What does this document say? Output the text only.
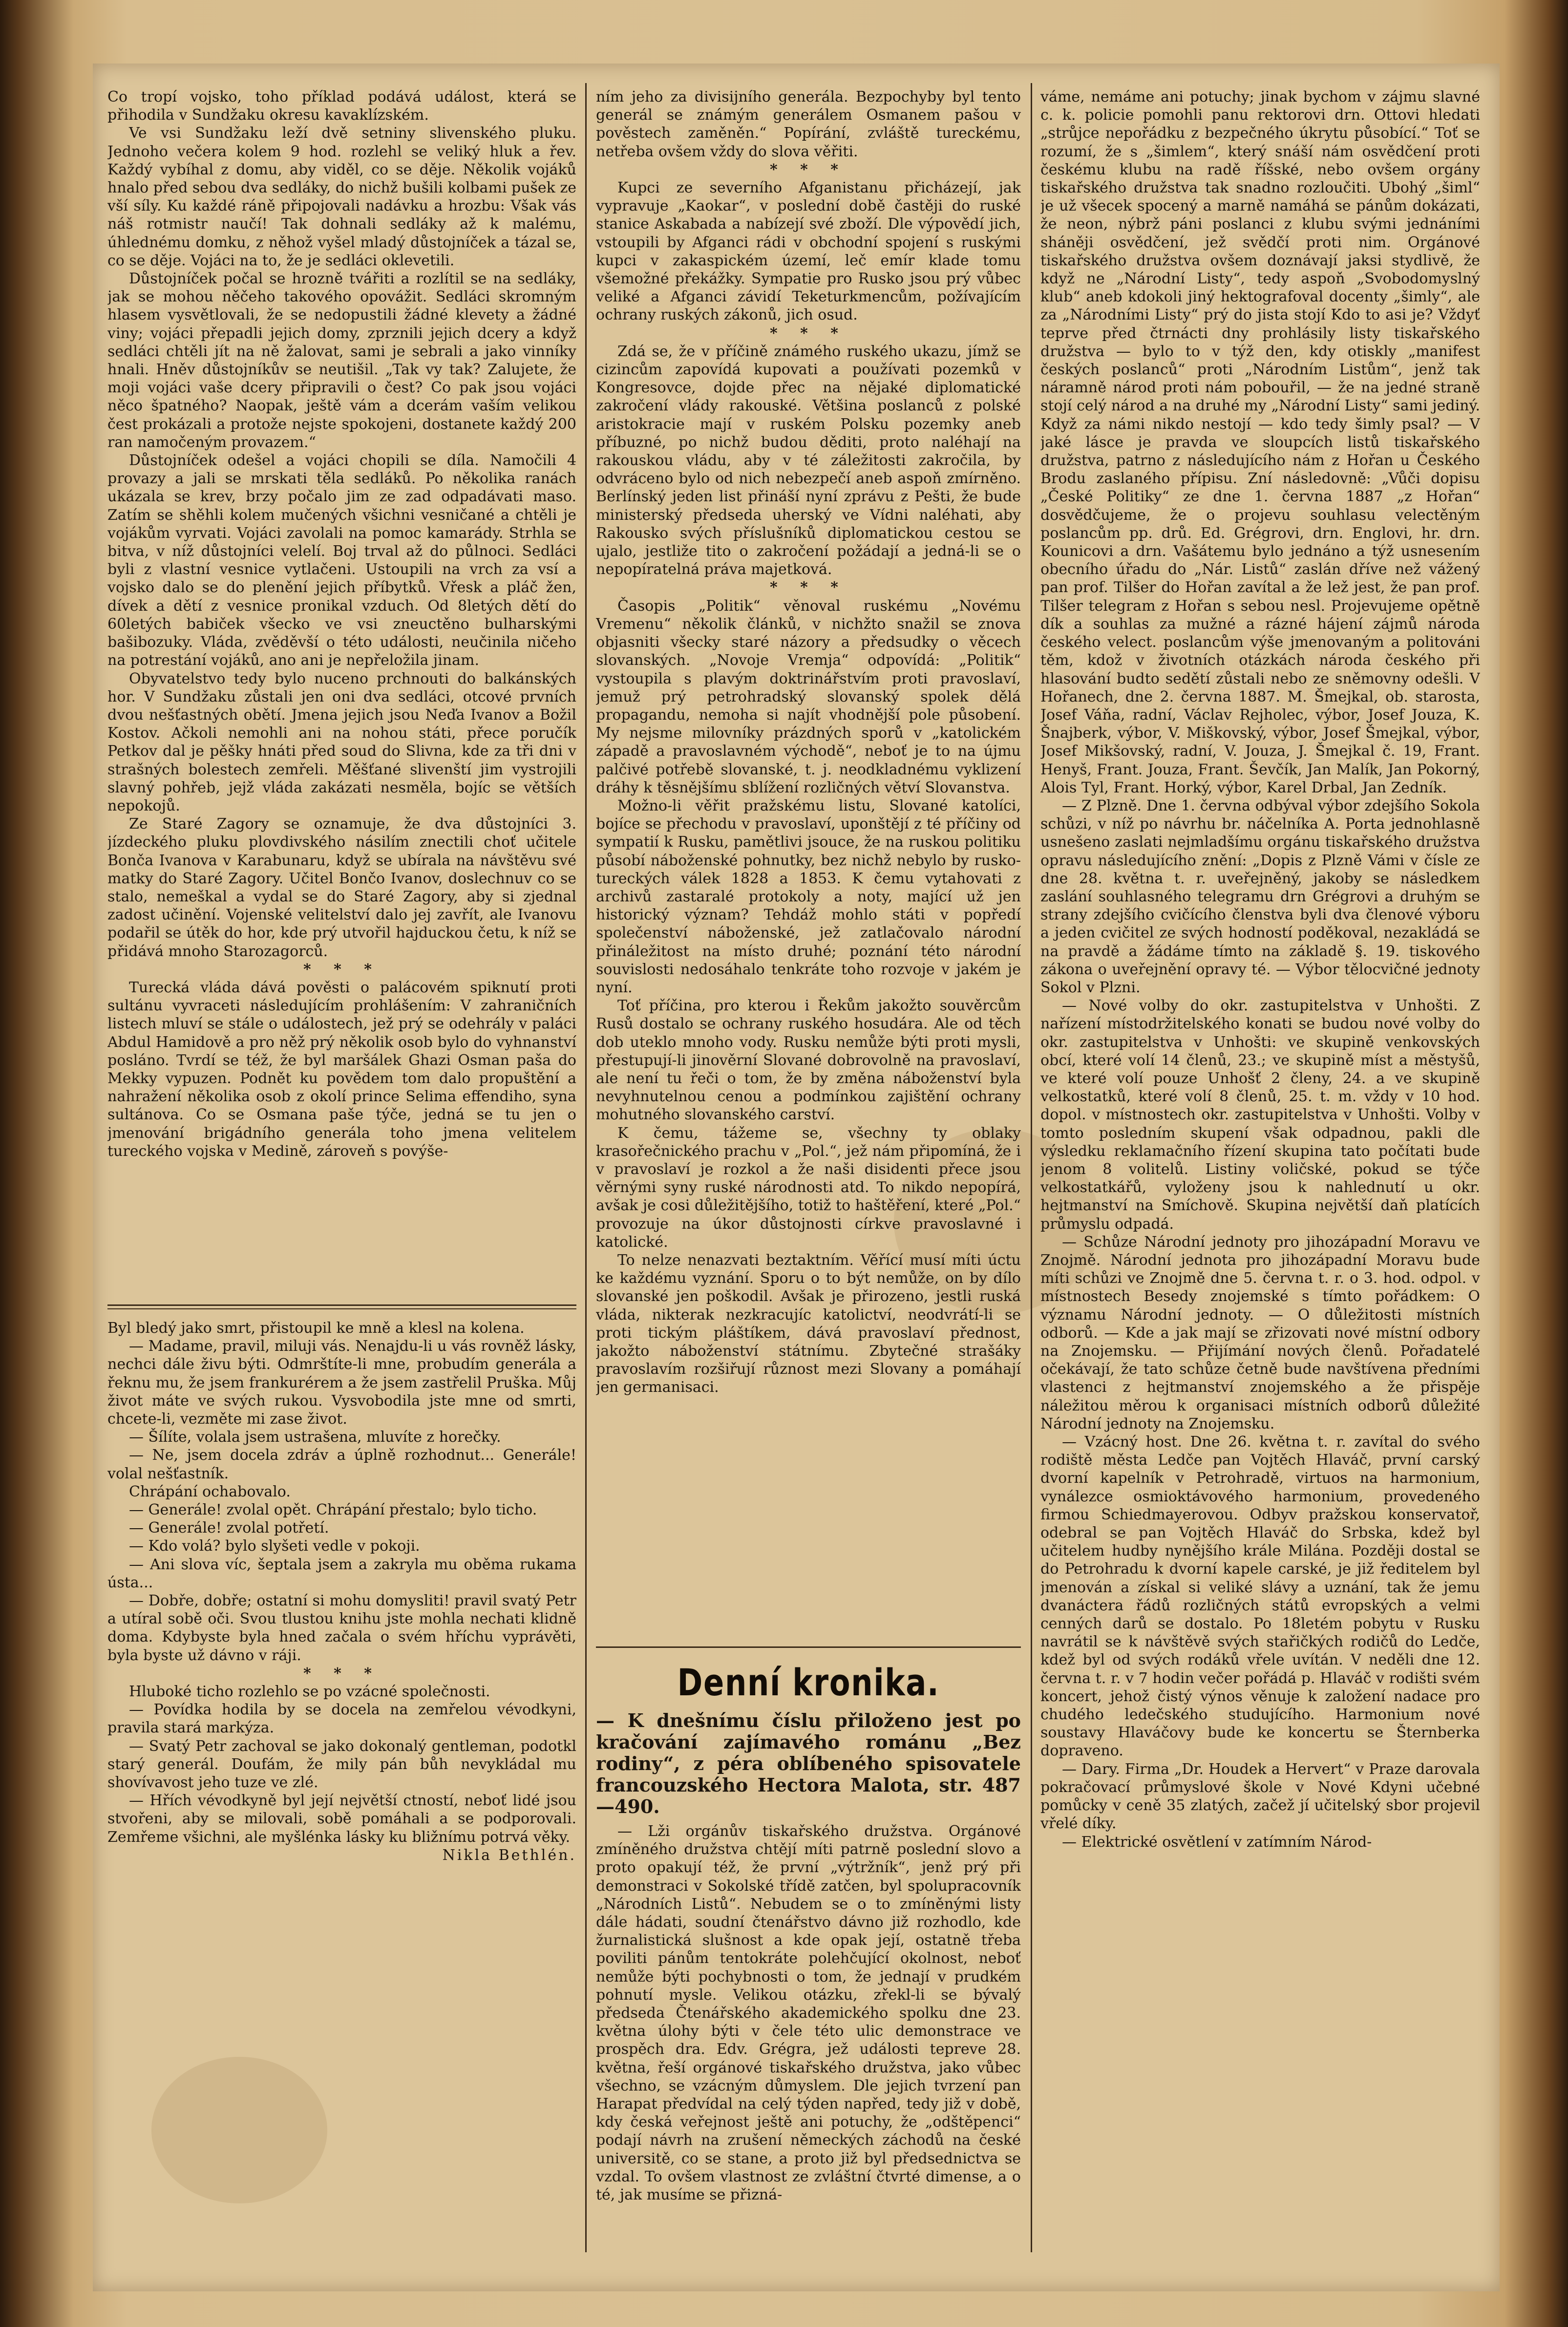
Co tropí vojsko, toho příklad podává událost, která se přihodila v Sundžaku okresu kavaklízském.

Ve vsi Sundžaku leží dvě setniny slivenského pluku. Jednoho večera kolem 9 hod. rozlehl se veliký hluk a řev. Každý vybíhal z domu, aby viděl, co se děje. Několik vojáků hnalo před sebou dva sedláky, do nichž bušili kolbami pušek ze vší síly. Ku každé ráně připojovali nadávku a hrozbu: Však vás náš rotmistr naučí! Tak dohnali sedláky až k malému, úhlednému domku, z něhož vyšel mladý důstojníček a tázal se, co se děje. Vojáci na to, že je sedláci oklevetili.

Důstojníček počal se hrozně tvářiti a rozlítil se na sedláky, jak se mohou něčeho takového opovážit. Sedláci skromným hlasem vysvětlovali, že se nedopustili žádné klevety a žádné viny; vojáci přepadli jejich domy, zprznili jejich dcery a když sedláci chtěli jít na ně žalovat, sami je sebrali a jako vinníky hnali. Hněv důstojníkův se neutišil. „Tak vy tak? Zalujete, že moji vojáci vaše dcery připravili o čest? Co pak jsou vojáci něco špatného? Naopak, ještě vám a dcerám vaším velikou čest prokázali a protože nejste spokojeni, dostanete každý 200 ran namočeným provazem.“

Důstojníček odešel a vojáci chopili se díla. Namočili 4 provazy a jali se mrskati těla sedláků. Po několika ranách ukázala se krev, brzy počalo jim ze zad odpadávati maso. Zatím se shěhli kolem mučených všichni vesničané a chtěli je vojákům vyrvati. Vojáci zavolali na pomoc kamarády. Strhla se bitva, v níž důstojníci velelí. Boj trval až do půlnoci. Sedláci byli z vlastní vesnice vytlačeni. Ustoupili na vrch za vsí a vojsko dalo se do plenění jejich příbytků. Vřesk a pláč žen, dívek a dětí z vesnice pronikal vzduch. Od 8letých dětí do 60letých babiček všecko ve vsi zneuctěno bulharskými bašibozuky. Vláda, zvěděvší o této události, neučinila ničeho na potrestání vojáků, ano ani je nepřeložila jinam.

Obyvatelstvo tedy bylo nuceno prchnouti do balkánských hor. V Sundžaku zůstali jen oni dva sedláci, otcové prvních dvou nešťastných obětí. Jmena jejich jsou Neďa Ivanov a Božil Kostov. Ačkoli nemohli ani na nohou státi, přece poručík Petkov dal je pěšky hnáti před soud do Slivna, kde za tři dni v strašných bolestech zemřeli. Měšťané slivenští jim vystrojili slavný pohřeb, jejž vláda zakázati nesměla, bojíc se větších nepokojů.

Ze Staré Zagory se oznamuje, že dva důstojníci 3. jízdeckého pluku plovdivského násilím znectili choť učitele Bonča Ivanova v Karabunaru, když se ubírala na návštěvu své matky do Staré Zagory. Učitel Bončo Ivanov, doslechnuv co se stalo, nemeškal a vydal se do Staré Zagory, aby si zjednal zadost učinění. Vojenské velitelství dalo jej zavřít, ale Ivanovu podařil se útěk do hor, kde prý utvořil hajduckou četu, k níž se přidává mnoho Starozagorců.

* * *

Turecká vláda dává pověsti o palácovém spiknutí proti sultánu vyvraceti následujícím prohlášením: V zahraničních listech mluví se stále o událostech, jež prý se odehrály v paláci Abdul Hamidově a pro něž prý několik osob bylo do vyhnanství posláno. Tvrdí se též, že byl maršálek Ghazi Osman paša do Mekky vypuzen. Podnět ku povědem tom dalo propuštění a nahražení několika osob z okolí prince Selima effendiho, syna sultánova. Co se Osmana paše týče, jedná se tu jen o jmenování brigádního generála toho jmena velitelem tureckého vojska v Medině, zároveň s povýše-

Byl bledý jako smrt, přistoupil ke mně a klesl na kolena.

— Madame, pravil, miluji vás. Nenajdu-li u vás rovněž lásky, nechci dále živu býti. Odmrštíte-li mne, probudím generála a řeknu mu, že jsem frankurérem a že jsem zastřelil Pruška. Můj život máte ve svých rukou. Vysvobodila jste mne od smrti, chcete-li, vezměte mi zase život.

— Šílíte, volala jsem ustrašena, mluvíte z horečky.

— Ne, jsem docela zdráv a úplně rozhodnut... Generále! volal nešťastník.

Chrápání ochabovalo.

— Generále! zvolal opět. Chrápání přestalo; bylo ticho.

— Generále! zvolal potřetí.

— Kdo volá? bylo slyšeti vedle v pokoji.

— Ani slova víc, šeptala jsem a zakryla mu oběma rukama ústa...

— Dobře, dobře; ostatní si mohu domysliti! pravil svatý Petr a utíral sobě oči. Svou tlustou knihu jste mohla nechati klidně doma. Kdybyste byla hned začala o svém hříchu vyprávěti, byla byste už dávno v ráji.

* * *

Hluboké ticho rozlehlo se po vzácné společnosti.

— Povídka hodila by se docela na zemřelou vévodkyni, pravila stará markýza.

— Svatý Petr zachoval se jako dokonalý gentleman, podotkl starý generál. Doufám, že mily pán bůh nevykládal mu shovívavost jeho tuze ve zlé.

— Hřích vévodkyně byl její největší ctností, neboť lidé jsou stvořeni, aby se milovali, sobě pomáhali a se podporovali. Zemřeme všichni, ale myšlénka lásky ku bližnímu potrvá věky.

Nikla Bethlén.

ním jeho za divisijního generála. Bezpochyby byl tento generál se známým generálem Osmanem pašou v pověstech zaměněn.“ Popírání, zvláště tureckému, netřeba ovšem vždy do slova věřiti.

* * *

Kupci ze severního Afganistanu přicházejí, jak vypravuje „Kaokar“, v poslední době častěji do ruské stanice Askabada a nabízejí své zboží. Dle výpovědí jich, vstoupili by Afganci rádi v obchodní spojení s ruskými kupci v zakaspickém území, leč emír klade tomu všemožné překážky. Sympatie pro Rusko jsou prý vůbec veliké a Afganci závidí Teketurkmencům, požívajícím ochrany ruských zákonů, jich osud.

* * *

Zdá se, že v příčině známého ruského ukazu, jímž se cizincům zapovídá kupovati a používati pozemků v Kongresovce, dojde přec na nějaké diplomatické zakročení vlády rakouské. Většina poslanců z polské aristokracie mají v ruském Polsku pozemky aneb příbuzné, po nichž budou děditi, proto naléhají na rakouskou vládu, aby v té záležitosti zakročila, by odvráceno bylo od nich nebezpečí aneb aspoň zmírněno. Berlínský jeden list přináší nyní zprávu z Pešti, že bude ministerský předseda uherský ve Vídni naléhati, aby Rakousko svých příslušníků diplomatickou cestou se ujalo, jestliže tito o zakročení požádají a jedná-li se o nepopíratelná práva majetková.

* * *

Časopis „Politik“ věnoval ruskému „Novému Vremenu“ několik článků, v nichžto snažil se znova objasniti všecky staré názory a předsudky o věcech slovanských. „Novoje Vremja“ odpovídá: „Politik“ vystoupila s plavým doktrinářstvím proti pravoslaví, jemuž prý petrohradský slovanský spolek dělá propagandu, nemoha si najít vhodnější pole působení. My nejsme milovníky prázdných sporů v „katolickém západě a pravoslavném východě“, neboť je to na újmu palčivé potřebě slovanské, t. j. neodkladnému vyklizení dráhy k těsnějšímu sblížení rozličných větví Slovanstva.

Možno-li věřit pražskému listu, Slované katolíci, bojíce se přechodu v pravoslaví, uponštějí z té příčiny od sympatií k Rusku, pamětlivi jsouce, že na ruskou politiku působí náboženské pohnutky, bez nichž nebylo by rusko-tureckých válek 1828 a 1853. K čemu vytahovati z archivů zastaralé protokoly a noty, mající už jen historický význam? Tehdáž mohlo státi v popředí společenství náboženské, jež zatlačovalo národní přináležitost na místo druhé; poznání této národní souvislosti nedosáhalo tenkráte toho rozvoje v jakém je nyní.

Toť příčina, pro kterou i Řekům jakožto souvěrcům Rusů dostalo se ochrany ruského hosudára. Ale od těch dob uteklo mnoho vody. Rusku nemůže býti proti mysli, přestupují-li jinověrní Slované dobrovolně na pravoslaví, ale není tu řeči o tom, že by změna náboženství byla nevyhnutelnou cenou a podmínkou zajištění ochrany mohutného slovanského carství.

K čemu, tážeme se, všechny ty oblaky krasořečnického prachu v „Pol.“, jež nám připomíná, že i v pravoslaví je rozkol a že naši disidenti přece jsou věrnými syny ruské národnosti atd. To nikdo nepopírá, avšak je cosi důležitějšího, totiž to haštěření, které „Pol.“ provozuje na úkor důstojnosti církve pravoslavné i katolické.

To nelze nenazvati beztaktním. Věřící musí míti úctu ke každému vyznání. Sporu o to být nemůže, on by dílo slovanské jen poškodil. Avšak je přirozeno, jestli ruská vláda, nikterak nezkracujíc katolictví, neodvrátí-li se proti tickým pláštíkem, dává pravoslaví přednost, jakožto náboženství státnímu. Zbytečné strašáky pravoslavím rozšiřují různost mezi Slovany a pomáhají jen germanisaci.

Denní kronika.
— K dnešnímu číslu přiloženo jest po kračování zajímavého románu „Bez rodiny“, z péra oblíbeného spisovatele francouzského Hectora Malota, str. 487—490.

— Lži orgánův tiskařského družstva. Orgánové zmíněného družstva chtějí míti patrně poslední slovo a proto opakují též, že první „výtržník“, jenž prý při demonstraci v Sokolské třídě zatčen, byl spolupracovník „Národních Listů“. Nebudem se o to zmíněnými listy dále hádati, soudní čtenářstvo dávno již rozhodlo, kde žurnalistická slušnost a kde opak její, ostatně třeba poviliti pánům tentokráte polehčující okolnost, neboť nemůže býti pochybnosti o tom, že jednají v prudkém pohnutí mysle. Velikou otázku, zřekl-li se bývalý předseda Čtenářského akademického spolku dne 23. května úlohy býti v čele této ulic demonstrace ve prospěch dra. Edv. Grégra, jež události tepreve 28. května, řeší orgánové tiskařského družstva, jako vůbec všechno, se vzácným důmyslem. Dle jejich tvrzení pan Harapat předvídal na celý týden napřed, tedy již v době, kdy česká veřejnost ještě ani potuchy, že „odštěpenci“ podají návrh na zrušení německých záchodů na české universitě, co se stane, a proto již byl předsednictva se vzdal. To ovšem vlastnost ze zvláštní čtvrté dimense, a o té, jak musíme se přizná-

váme, nemáme ani potuchy; jinak bychom v zájmu slavné c. k. policie pomohli panu rektorovi drn. Ottovi hledati „strůjce nepořádku z bezpečného úkrytu působící.“ Toť se rozumí, že s „šimlem“, který snáší nám osvědčení proti českému klubu na radě říšské, nebo ovšem orgány tiskařského družstva tak snadno rozloučiti. Ubohý „šiml“ je už všecek spocený a marně namáhá se pánům dokázati, že neon, nýbrž páni poslanci z klubu svými jednáními sháněji osvědčení, jež svědčí proti nim. Orgánové tiskařského družstva ovšem doznávají jaksi stydlivě, že když ne „Národní Listy“, tedy aspoň „Svobodomyslný klub“ aneb kdokoli jiný hektografoval docenty „šimly“, ale za „Národními Listy“ prý do jista stojí Kdo to asi je? Vždyť teprve před čtrnácti dny prohlásily listy tiskařského družstva — bylo to v týž den, kdy otiskly „manifest českých poslanců“ proti „Národním Listům“, jenž tak náramně národ proti nám pobouřil, — že na jedné straně stojí celý národ a na druhé my „Národní Listy“ sami jediný. Když za námi nikdo nestojí — kdo tedy šimly psal? — V jaké lásce je pravda ve sloupcích listů tiskařského družstva, patrno z následujícího nám z Hořan u Českého Brodu zaslaného přípisu. Zní následovně: „Vůči dopisu „České Politiky“ ze dne 1. června 1887 „z Hořan“ dosvědčujeme, že o projevu souhlasu velectěným poslancům pp. drů. Ed. Grégrovi, drn. Englovi, hr. drn. Kounicovi a drn. Vašátemu bylo jednáno a týž usnesením obecního úřadu do „Nár. Listů“ zaslán dříve než vážený pan prof. Tilšer do Hořan zavítal a že lež jest, že pan prof. Tilšer telegram z Hořan s sebou nesl. Projevujeme opětně dík a souhlas za mužné a rázné hájení zájmů národa českého velect. poslancům výše jmenovaným a politováni těm, kdož v životních otázkách národa českého při hlasování budto sedětí zůstali nebo ze sněmovny odešli. V Hořanech, dne 2. června 1887. M. Šmejkal, ob. starosta, Josef Váňa, radní, Václav Rejholec, výbor, Josef Jouza, K. Šnajberk, výbor, V. Miškovský, výbor, Josef Šmejkal, výbor, Josef Mikšovský, radní, V. Jouza, J. Šmejkal č. 19, Frant. Henyš, Frant. Jouza, Frant. Ševčík, Jan Malík, Jan Pokorný, Alois Tyl, Frant. Horký, výbor, Karel Drbal, Jan Zedník.

— Z Plzně. Dne 1. června odbýval výbor zdejšího Sokola schůzi, v níž po návrhu br. náčelníka A. Porta jednohlasně usnešeno zaslati nejmladšímu orgánu tiskařského družstva opravu následujícího znění: „Dopis z Plzně Vámi v čísle ze dne 28. května t. r. uveřejněný, jakoby se následkem zaslání souhlasného telegramu drn Grégrovi a druhým se strany zdejšího cvičícího členstva byli dva členové výboru a jeden cvičitel ze svých hodností poděkoval, nezakládá se na pravdě a žádáme tímto na základě §. 19. tiskového zákona o uveřejnění opravy té. — Výbor tělocvičné jednoty Sokol v Plzni.

— Nové volby do okr. zastupitelstva v Unhošti. Z nařízení místodržitelského konati se budou nové volby do okr. zastupitelstva v Unhošti: ve skupině venkovských obcí, které volí 14 členů, 23.; ve skupině míst a městyšů, ve které volí pouze Unhošť 2 členy, 24. a ve skupině velkostatků, které volí 8 členů, 25. t. m. vždy v 10 hod. dopol. v místnostech okr. zastupitelstva v Unhošti. Volby v tomto posledním skupení však odpadnou, pakli dle výsledku reklamačního řízení skupina tato počítati bude jenom 8 volitelů. Listiny voličské, pokud se týče velkostatkářů, vyloženy jsou k nahlednutí u okr. hejtmanství na Smíchově. Skupina největší daň platících průmyslu odpadá.

— Schůze Národní jednoty pro jihozápadní Moravu ve Znojmě. Národní jednota pro jihozápadní Moravu bude míti schůzi ve Znojmě dne 5. června t. r. o 3. hod. odpol. v místnostech Besedy znojemské s tímto pořádkem: O významu Národní jednoty. — O důležitosti místních odborů. — Kde a jak mají se zřizovati nové místní odbory na Znojemsku. — Přijímání nových členů. Pořadatelé očekávají, že tato schůze četně bude navštívena předními vlastenci z hejtmanství znojemského a že přispěje náležitou měrou k organisaci místních odborů důležité Národní jednoty na Znojemsku.

— Vzácný host. Dne 26. května t. r. zavítal do svého rodiště města Ledče pan Vojtěch Hlaváč, první carský dvorní kapelník v Petrohradě, virtuos na harmonium, vynálezce osmioktávového harmonium, provedeného firmou Schiedmayerovou. Odbyv pražskou konservatoř, odebral se pan Vojtěch Hlaváč do Srbska, kdež byl učitelem hudby nynějšího krále Milána. Později dostal se do Petrohradu k dvorní kapele carské, je již ředitelem byl jmenován a získal si veliké slávy a uznání, tak že jemu dvanáctera řádů rozličných států evropských a velmi cenných darů se dostalo. Po 18letém pobytu v Rusku navrátil se k návštěvě svých stařičkých rodičů do Ledče, kdež byl od svých rodáků vřele uvítán. V neděli dne 12. června t. r. v 7 hodin večer pořádá p. Hlaváč v rodišti svém koncert, jehož čistý výnos věnuje k založení nadace pro chudého ledečského studujícího. Harmonium nové soustavy Hlaváčovy bude ke koncertu se Šternberka dopraveno.

— Dary. Firma „Dr. Houdek a Hervert“ v Praze darovala pokračovací průmyslové škole v Nové Kdyni učebné pomůcky v ceně 35 zlatých, začež jí učitelský sbor projevil vřelé díky.

— Elektrické osvětlení v zatímním Národ-
